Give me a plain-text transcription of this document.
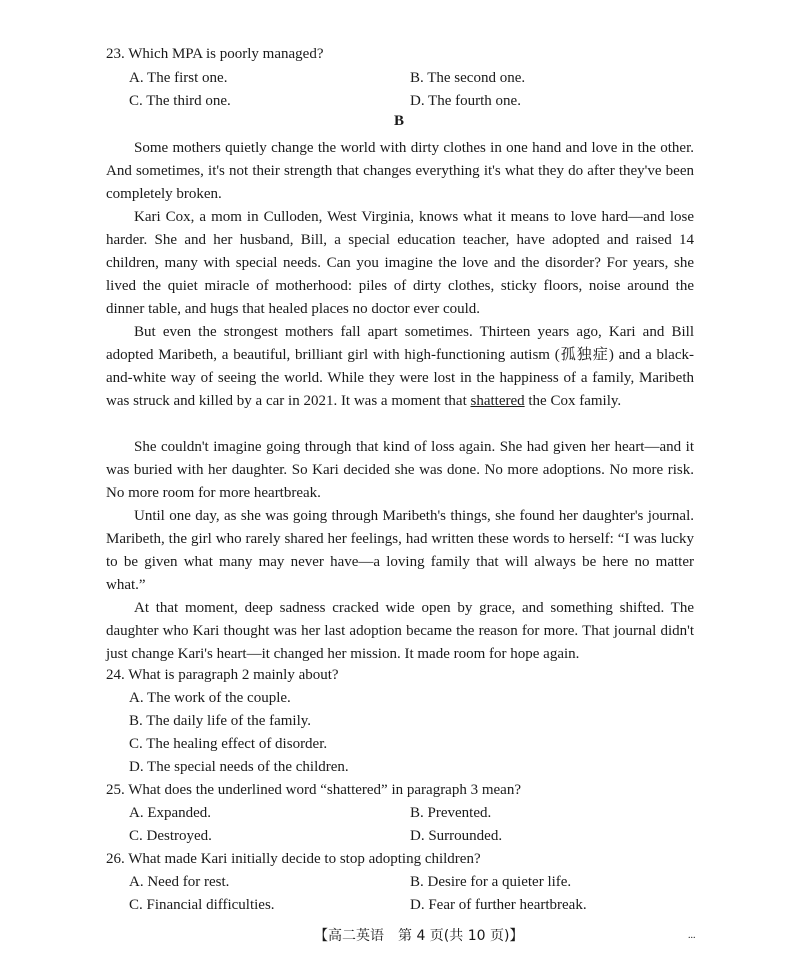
23. Which MPA is poorly managed?
A. The first one.	B. The second one.
C. The third one.	D. The fourth one.
B
Some mothers quietly change the world with dirty clothes in one hand and love in the other. And sometimes, it's not their strength that changes everything it's what they do after they've been completely broken.
Kari Cox, a mom in Culloden, West Virginia, knows what it means to love hard—and lose harder. She and her husband, Bill, a special education teacher, have adopted and raised 14 children, many with special needs. Can you imagine the love and the disorder? For years, she lived the quiet miracle of motherhood: piles of dirty clothes, sticky floors, noise around the dinner table, and hugs that healed places no doctor ever could.
But even the strongest mothers fall apart sometimes. Thirteen years ago, Kari and Bill adopted Maribeth, a beautiful, brilliant girl with high-functioning autism (孤独症) and a black-and-white way of seeing the world. While they were lost in the happiness of a family, Maribeth was struck and killed by a car in 2021. It was a moment that shattered the Cox family.
She couldn't imagine going through that kind of loss again. She had given her heart—and it was buried with her daughter. So Kari decided she was done. No more adoptions. No more risk. No more room for more heartbreak.
Until one day, as she was going through Maribeth's things, she found her daughter's journal. Maribeth, the girl who rarely shared her feelings, had written these words to herself: “I was lucky to be given what many may never have—a loving family that will always be here no matter what.”
At that moment, deep sadness cracked wide open by grace, and something shifted. The daughter who Kari thought was her last adoption became the reason for more. That journal didn't just change Kari's heart—it changed her mission. It made room for hope again.
24. What is paragraph 2 mainly about?
A. The work of the couple.
B. The daily life of the family.
C. The healing effect of disorder.
D. The special needs of the children.
25. What does the underlined word “shattered” in paragraph 3 mean?
A. Expanded.	B. Prevented.
C. Destroyed.	D. Surrounded.
26. What made Kari initially decide to stop adopting children?
A. Need for rest.	B. Desire for a quieter life.
C. Financial difficulties.	D. Fear of further heartbreak.
【高二英语　第 4 页(共 10 页)】	...
